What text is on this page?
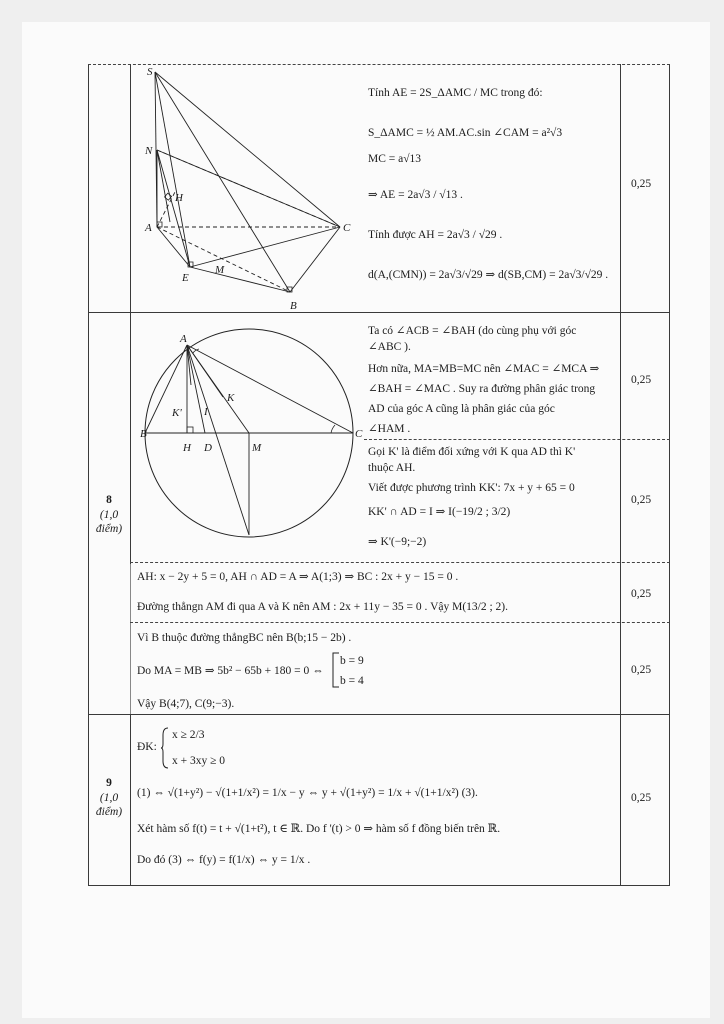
S
N
H
A	C
E
M
B
Tính AE = 2S_ΔAMC / MC trong đó:
S_ΔAMC = ½ AM.AC.sin ∠CAM = a²√3
MC = a√13
⇒ AE = 2a√3 / √13 .
Tính được AH = 2a√3 / √29 .
d(A,(CMN)) = 2a√3/√29 ⇒ d(SB,CM) = 2a√3/√29 .
0,25
8
(1,0
điểm)
A
B	C
H D	M
K
K' I
Ta có ∠ACB = ∠BAH (do cùng phụ với góc
∠ABC ).
Hơn nữa, MA=MB=MC nên ∠MAC = ∠MCA ⇒
∠BAH = ∠MAC . Suy ra đường phân giác trong
AD của góc A cũng là phân giác của góc
∠HAM .
0,25
Gọi K' là điểm đối xứng với K qua AD thì K'
thuộc AH.
Viết được phương trình KK': 7x + y + 65 = 0
KK' ∩ AD = I ⇒ I(−19/2 ; 3/2)
⇒ K'(−9;−2)
0,25
AH: x − 2y + 5 = 0, AH ∩ AD = A ⇒ A(1;3) ⇒ BC : 2x + y − 15 = 0 .
Đường thẳngn AM đi qua A và K nên AM : 2x + 11y − 35 = 0 . Vậy M(13/2 ; 2).
0,25
Vì B thuộc đường thẳngBC nên B(b;15 − 2b) .
Do MA = MB ⇒ 5b² − 65b + 180 = 0 ⇔
b = 9
b = 4
Vậy B(4;7), C(9;−3).
0,25
9
(1,0
điểm)
ĐK:
x ≥ 2/3
x + 3xy ≥ 0
(1) ⇔ √(1+y²) − √(1+1/x²) = 1/x − y ⇔ y + √(1+y²) = 1/x + √(1+1/x²) (3).
Xét hàm số f(t) = t + √(1+t²), t ∈ ℝ. Do f '(t) > 0 ⇒ hàm số f đồng biến trên ℝ.
Do đó (3) ⇔ f(y) = f(1/x) ⇔ y = 1/x .
0,25
